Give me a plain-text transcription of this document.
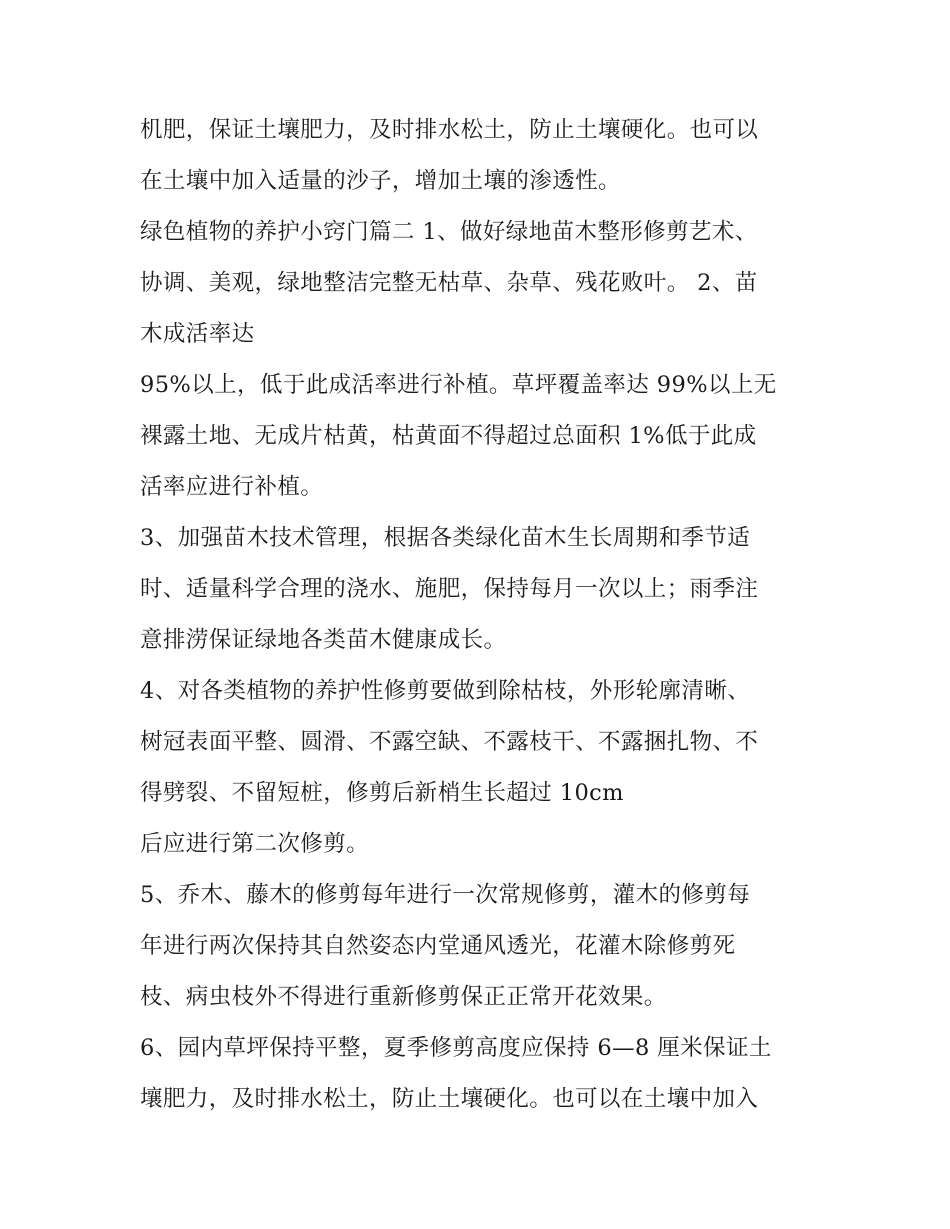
机肥，保证土壤肥力，及时排水松土，防止土壤硬化。也可以
在土壤中加入适量的沙子，增加土壤的渗透性。
绿色植物的养护小窍门篇二 1、做好绿地苗木整形修剪艺术、
协调、美观，绿地整洁完整无枯草、杂草、残花败叶。 2、苗
木成活率达
95%以上，低于此成活率进行补植。草坪覆盖率达 99%以上无
裸露土地、无成片枯黄，枯黄面不得超过总面积 1%低于此成
活率应进行补植。
3、加强苗木技术管理，根据各类绿化苗木生长周期和季节适
时、适量科学合理的浇水、施肥，保持每月一次以上；雨季注
意排涝保证绿地各类苗木健康成长。
4、对各类植物的养护性修剪要做到除枯枝，外形轮廓清晰、
树冠表面平整、圆滑、不露空缺、不露枝干、不露捆扎物、不
得劈裂、不留短桩，修剪后新梢生长超过 10cm
后应进行第二次修剪。
5、乔木、藤木的修剪每年进行一次常规修剪，灌木的修剪每
年进行两次保持其自然姿态内堂通风透光，花灌木除修剪死
枝、病虫枝外不得进行重新修剪保正正常开花效果。
6、园内草坪保持平整，夏季修剪高度应保持 6—8 厘米保证土
壤肥力，及时排水松土，防止土壤硬化。也可以在土壤中加入
